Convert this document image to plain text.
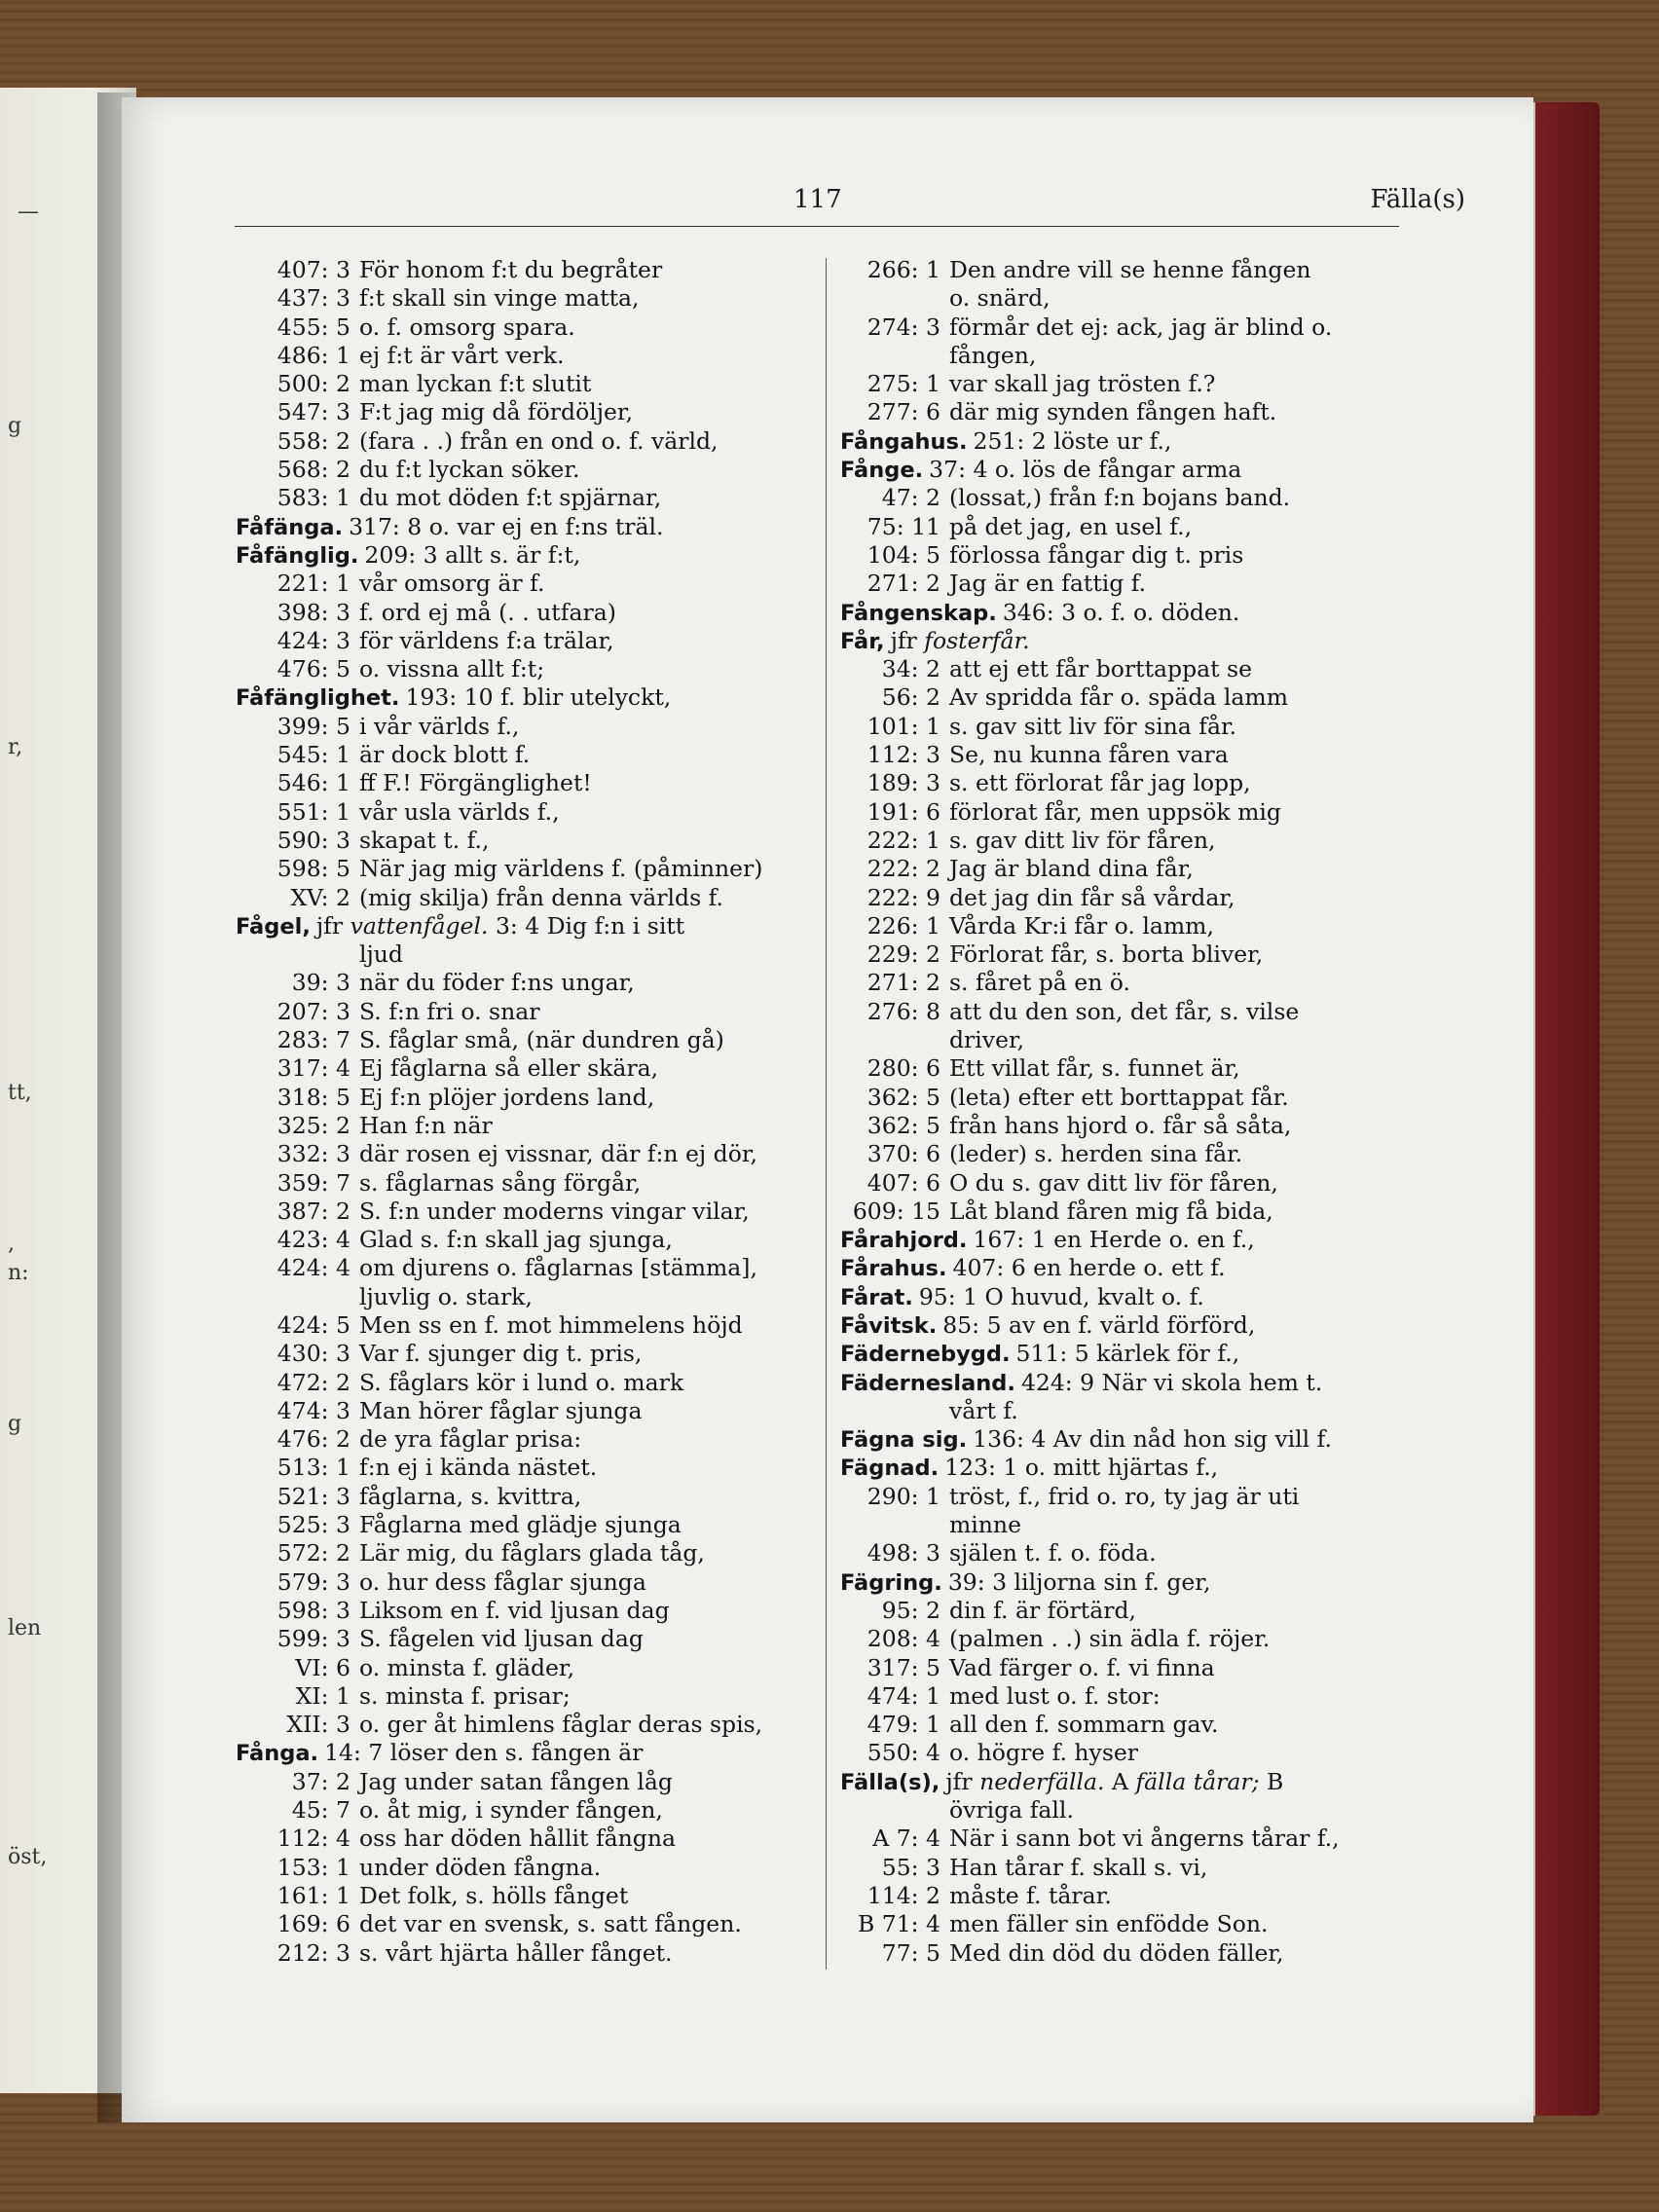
117	Fälla(s)
407: 3 För honom f:t du begråter
437: 3 f:t skall sin vinge matta,
455: 5 o. f. omsorg spara.
486: 1 ej f:t är vårt verk.
500: 2 man lyckan f:t slutit
547: 3 F:t jag mig då fördöljer,
558: 2 (fara . .) från en ond o. f. värld,
568: 2 du f:t lyckan söker.
583: 1 du mot döden f:t spjärnar,
Fåfänga. 317: 8 o. var ej en f:ns träl.
Fåfänglig. 209: 3 allt s. är f:t,
221: 1 vår omsorg är f.
398: 3 f. ord ej må (. . utfara)
424: 3 för världens f:a trälar,
476: 5 o. vissna allt f:t;
Fåfänglighet. 193: 10 f. blir utelyckt,
399: 5 i vår världs f.,
545: 1 är dock blott f.
546: 1 ff F.! Förgänglighet!
551: 1 vår usla världs f.,
590: 3 skapat t. f.,
598: 5 När jag mig världens f. (påminner)
XV: 2 (mig skilja) från denna världs f.
Fågel, jfr vattenfågel. 3: 4 Dig f:n i sitt
ljud
39: 3 när du föder f:ns ungar,
207: 3 S. f:n fri o. snar
283: 7 S. fåglar små, (när dundren gå)
317: 4 Ej fåglarna så eller skära,
318: 5 Ej f:n plöjer jordens land,
325: 2 Han f:n när
332: 3 där rosen ej vissnar, där f:n ej dör,
359: 7 s. fåglarnas sång förgår,
387: 2 S. f:n under moderns vingar vilar,
423: 4 Glad s. f:n skall jag sjunga,
424: 4 om djurens o. fåglarnas [stämma],
ljuvlig o. stark,
424: 5 Men ss en f. mot himmelens höjd
430: 3 Var f. sjunger dig t. pris,
472: 2 S. fåglars kör i lund o. mark
474: 3 Man hörer fåglar sjunga
476: 2 de yra fåglar prisa:
513: 1 f:n ej i kända nästet.
521: 3 fåglarna, s. kvittra,
525: 3 Fåglarna med glädje sjunga
572: 2 Lär mig, du fåglars glada tåg,
579: 3 o. hur dess fåglar sjunga
598: 3 Liksom en f. vid ljusan dag
599: 3 S. fågelen vid ljusan dag
VI: 6 o. minsta f. gläder,
XI: 1 s. minsta f. prisar;
XII: 3 o. ger åt himlens fåglar deras spis,
Fånga. 14: 7 löser den s. fången är
37: 2 Jag under satan fången låg
45: 7 o. åt mig, i synder fången,
112: 4 oss har döden hållit fångna
153: 1 under döden fångna.
161: 1 Det folk, s. hölls fånget
169: 6 det var en svensk, s. satt fången.
212: 3 s. vårt hjärta håller fånget.
266: 1 Den andre vill se henne fången
o. snärd,
274: 3 förmår det ej: ack, jag är blind o.
fången,
275: 1 var skall jag trösten f.?
277: 6 där mig synden fången haft.
Fångahus. 251: 2 löste ur f.,
Fånge. 37: 4 o. lös de fångar arma
47: 2 (lossat,) från f:n bojans band.
75: 11 på det jag, en usel f.,
104: 5 förlossa fångar dig t. pris
271: 2 Jag är en fattig f.
Fångenskap. 346: 3 o. f. o. döden.
Får, jfr fosterfår.
34: 2 att ej ett får borttappat se
56: 2 Av spridda får o. späda lamm
101: 1 s. gav sitt liv för sina får.
112: 3 Se, nu kunna fåren vara
189: 3 s. ett förlorat får jag lopp,
191: 6 förlorat får, men uppsök mig
222: 1 s. gav ditt liv för fåren,
222: 2 Jag är bland dina får,
222: 9 det jag din får så vårdar,
226: 1 Vårda Kr:i får o. lamm,
229: 2 Förlorat får, s. borta bliver,
271: 2 s. fåret på en ö.
276: 8 att du den son, det får, s. vilse
driver,
280: 6 Ett villat får, s. funnet är,
362: 5 (leta) efter ett borttappat får.
362: 5 från hans hjord o. får så såta,
370: 6 (leder) s. herden sina får.
407: 6 O du s. gav ditt liv för fåren,
609: 15 Låt bland fåren mig få bida,
Fårahjord. 167: 1 en Herde o. en f.,
Fårahus. 407: 6 en herde o. ett f.
Fårat. 95: 1 O huvud, kvalt o. f.
Fåvitsk. 85: 5 av en f. värld förförd,
Fädernebygd. 511: 5 kärlek för f.,
Fädernesland. 424: 9 När vi skola hem t.
vårt f.
Fägna sig. 136: 4 Av din nåd hon sig vill f.
Fägnad. 123: 1 o. mitt hjärtas f.,
290: 1 tröst, f., frid o. ro, ty jag är uti
minne
498: 3 själen t. f. o. föda.
Fägring. 39: 3 liljorna sin f. ger,
95: 2 din f. är förtärd,
208: 4 (palmen . .) sin ädla f. röjer.
317: 5 Vad färger o. f. vi finna
474: 1 med lust o. f. stor:
479: 1 all den f. sommarn gav.
550: 4 o. högre f. hyser
Fälla(s), jfr nederfälla. A fälla tårar; B
övriga fall.
A 7: 4 När i sann bot vi ångerns tårar f.,
55: 3 Han tårar f. skall s. vi,
114: 2 måste f. tårar.
B 71: 4 men fäller sin enfödde Son.
77: 5 Med din död du döden fäller,
—
g
r,
tt,
,
n:
g
len
öst,
